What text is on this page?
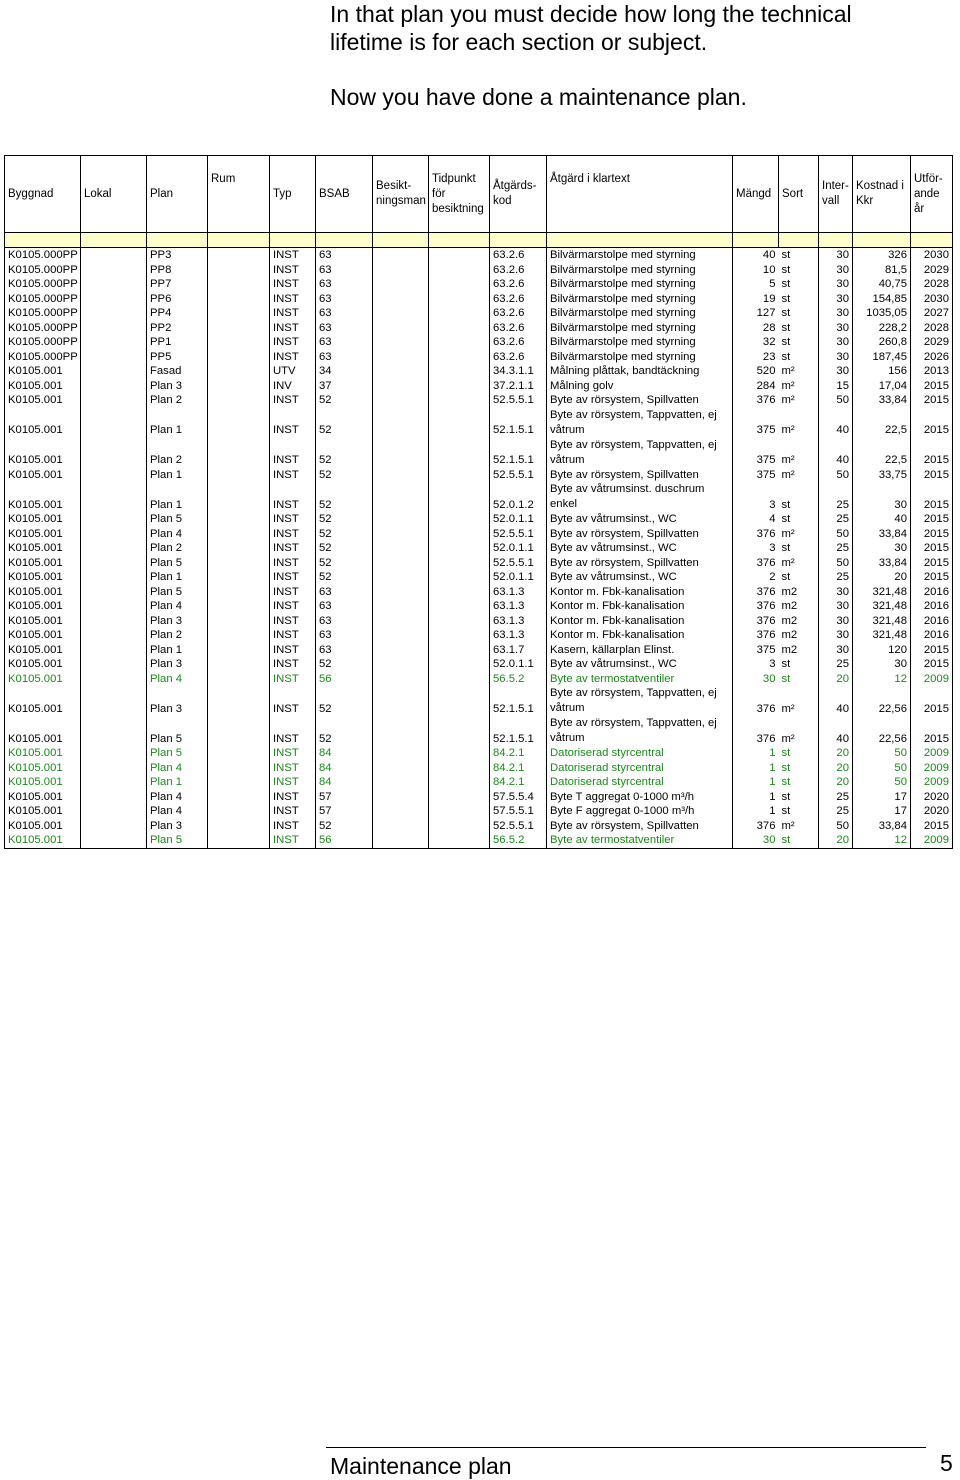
In that plan you must decide how long the technical lifetime is for each section or subject.

Now you have done a maintenance plan.

Byggnad	Lokal	Plan	Rum	Typ	BSAB	Besikt-
ningsman	Tidpunkt
för
besiktning	Åtgärds-
kod	Åtgärd i klartext	Mängd	Sort	Inter-
vall	Kostnad i
Kkr	Utför-
ande
år

K0105.000PP		PP3		INST	63			63.2.6	Bilvärmarstolpe med styrning	40	st	30	326	2030
K0105.000PP		PP8		INST	63			63.2.6	Bilvärmarstolpe med styrning	10	st	30	81,5	2029
K0105.000PP		PP7		INST	63			63.2.6	Bilvärmarstolpe med styrning	5	st	30	40,75	2028
K0105.000PP		PP6		INST	63			63.2.6	Bilvärmarstolpe med styrning	19	st	30	154,85	2030
K0105.000PP		PP4		INST	63			63.2.6	Bilvärmarstolpe med styrning	127	st	30	1035,05	2027
K0105.000PP		PP2		INST	63			63.2.6	Bilvärmarstolpe med styrning	28	st	30	228,2	2028
K0105.000PP		PP1		INST	63			63.2.6	Bilvärmarstolpe med styrning	32	st	30	260,8	2029
K0105.000PP		PP5		INST	63			63.2.6	Bilvärmarstolpe med styrning	23	st	30	187,45	2026
K0105.001		Fasad		UTV	34			34.3.1.1	Målning plåttak, bandtäckning	520	m²	30	156	2013
K0105.001		Plan 3		INV	37			37.2.1.1	Målning golv	284	m²	15	17,04	2015
K0105.001		Plan 2		INST	52			52.5.5.1	Byte av rörsystem, Spillvatten	376	m²	50	33,84	2015
K0105.001		Plan 1		INST	52			52.1.5.1	Byte av rörsystem, Tappvatten, ej våtrum	375	m²	40	22,5	2015
K0105.001		Plan 2		INST	52			52.1.5.1	Byte av rörsystem, Tappvatten, ej våtrum	375	m²	40	22,5	2015
K0105.001		Plan 1		INST	52			52.5.5.1	Byte av rörsystem, Spillvatten	375	m²	50	33,75	2015
K0105.001		Plan 1		INST	52			52.0.1.2	Byte av våtrumsinst. duschrum enkel	3	st	25	30	2015
K0105.001		Plan 5		INST	52			52.0.1.1	Byte av våtrumsinst., WC	4	st	25	40	2015
K0105.001		Plan 4		INST	52			52.5.5.1	Byte av rörsystem, Spillvatten	376	m²	50	33,84	2015
K0105.001		Plan 2		INST	52			52.0.1.1	Byte av våtrumsinst., WC	3	st	25	30	2015
K0105.001		Plan 5		INST	52			52.5.5.1	Byte av rörsystem, Spillvatten	376	m²	50	33,84	2015
K0105.001		Plan 1		INST	52			52.0.1.1	Byte av våtrumsinst., WC	2	st	25	20	2015
K0105.001		Plan 5		INST	63			63.1.3	Kontor m. Fbk-kanalisation	376	m2	30	321,48	2016
K0105.001		Plan 4		INST	63			63.1.3	Kontor m. Fbk-kanalisation	376	m2	30	321,48	2016
K0105.001		Plan 3		INST	63			63.1.3	Kontor m. Fbk-kanalisation	376	m2	30	321,48	2016
K0105.001		Plan 2		INST	63			63.1.3	Kontor m. Fbk-kanalisation	376	m2	30	321,48	2016
K0105.001		Plan 1		INST	63			63.1.7	Kasern, källarplan Elinst.	375	m2	30	120	2015
K0105.001		Plan 3		INST	52			52.0.1.1	Byte av våtrumsinst., WC	3	st	25	30	2015
K0105.001		Plan 4		INST	56			56.5.2	Byte av termostatventiler	30	st	20	12	2009
K0105.001		Plan 3		INST	52			52.1.5.1	Byte av rörsystem, Tappvatten, ej våtrum	376	m²	40	22,56	2015
K0105.001		Plan 5		INST	52			52.1.5.1	Byte av rörsystem, Tappvatten, ej våtrum	376	m²	40	22,56	2015
K0105.001		Plan 5		INST	84			84.2.1	Datoriserad styrcentral	1	st	20	50	2009
K0105.001		Plan 4		INST	84			84.2.1	Datoriserad styrcentral	1	st	20	50	2009
K0105.001		Plan 1		INST	84			84.2.1	Datoriserad styrcentral	1	st	20	50	2009
K0105.001		Plan 4		INST	57			57.5.5.4	Byte T aggregat 0-1000 m³/h	1	st	25	17	2020
K0105.001		Plan 4		INST	57			57.5.5.1	Byte F aggregat 0-1000 m³/h	1	st	25	17	2020
K0105.001		Plan 3		INST	52			52.5.5.1	Byte av rörsystem, Spillvatten	376	m²	50	33,84	2015
K0105.001		Plan 5		INST	56			56.5.2	Byte av termostatventiler	30	st	20	12	2009
Maintenance plan	5
